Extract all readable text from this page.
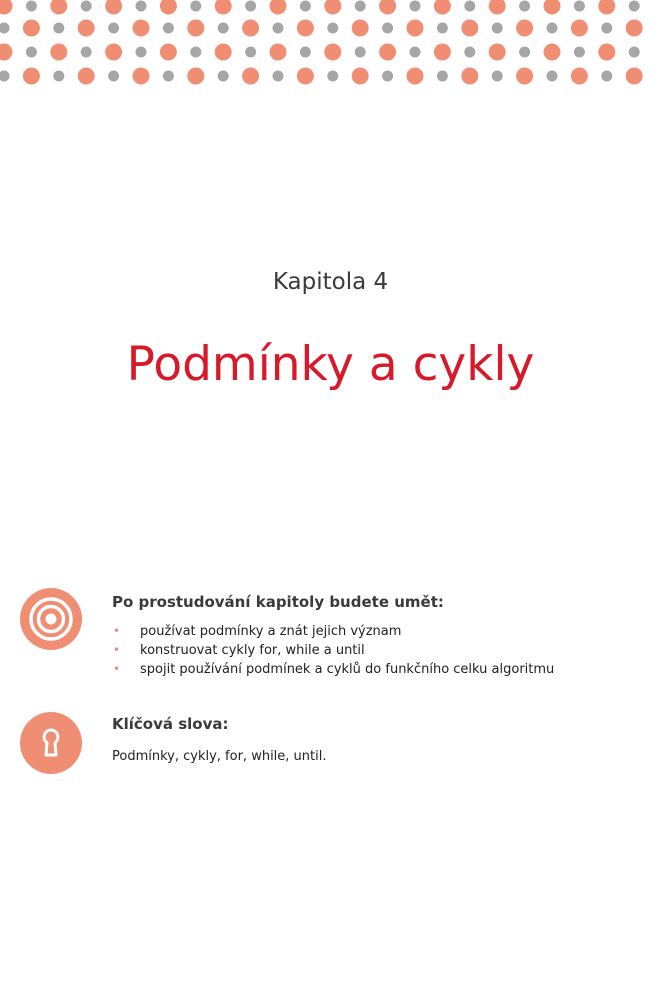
Kapitola 4
Podmínky a cykly
Po prostudování kapitoly budete umět:
• používat podmínky a znát jejich význam
• konstruovat cykly for, while a until
• spojit používání podmínek a cyklů do funkčního celku algoritmu
Klíčová slova:
Podmínky, cykly, for, while, until.
